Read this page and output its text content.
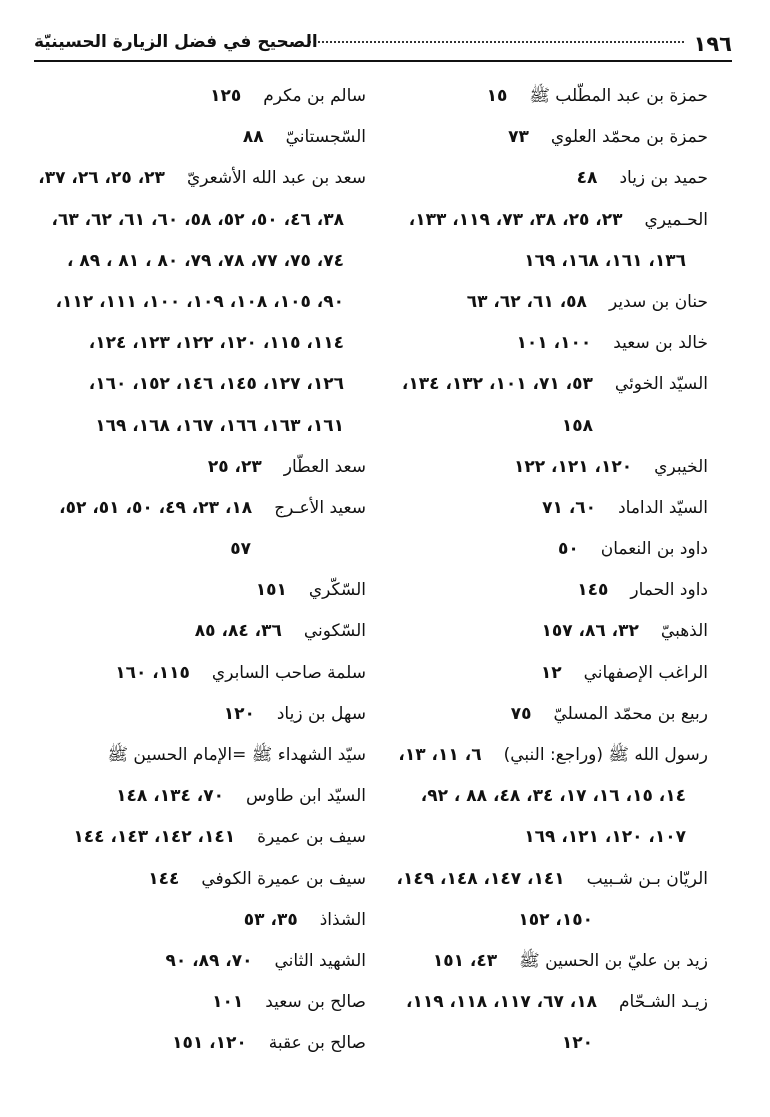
١٩٦
الصحيح في فضل الزيارة الحسينيّة
حمزة بن عبد المطّلب ﷺ١٥
حمزة بن محمّد العلوي٧٣
حميد بن زياد٤٨
الحـميري٢٣، ٢٥، ٣٨، ٧٣، ١١٩، ١٣٣،
١٣٦، ١٦١، ١٦٨، ١٦٩
حنان بن سدير٥٨، ٦١، ٦٢، ٦٣
خالد بن سعيد١٠٠، ١٠١
السيّد الخوئي٥٣، ٧١، ١٠١، ١٣٢، ١٣٤،
١٥٨
الخيبري١٢٠، ١٢١، ١٢٢
السيّد الداماد٦٠، ٧١
داود بن النعمان٥٠
داود الحمار١٤٥
الذهبيّ٣٢، ٨٦، ١٥٧
الراغب الإصفهاني١٢
ربيع بن محمّد المسليّ٧٥
رسول الله ﷺ (وراجع: النبي)٦، ١١، ١٣،
١٤، ١٥، ١٦، ١٧، ٣٤، ٤٨، ٨٨ ، ٩٢،
١٠٧، ١٢٠، ١٢١، ١٦٩
الريّان بـن شـبيب١٤١، ١٤٧، ١٤٨، ١٤٩،
١٥٠، ١٥٢
زيد بن عليّ بن الحسين ﷺ٤٣، ١٥١
زيـد الشـحّام١٨، ٦٧، ١١٧، ١١٨، ١١٩،
١٢٠
سالم بن مكرم١٢٥
السّجستانيّ٨٨
سعد بن عبد الله الأشعريّ٢٣، ٢٥، ٢٦، ٣٧،
٣٨، ٤٦، ٥٠، ٥٢، ٥٨، ٦٠، ٦١، ٦٢، ٦٣،
٧٤، ٧٥، ٧٧، ٧٨، ٧٩، ٨٠ ، ٨١ ، ٨٩ ،
٩٠، ١٠٥، ١٠٨، ١٠٩، ١٠٠، ١١١، ١١٢،
١١٤، ١١٥، ١٢٠، ١٢٢، ١٢٣، ١٢٤،
١٢٦، ١٢٧، ١٤٥، ١٤٦، ١٥٢، ١٦٠،
١٦١، ١٦٣، ١٦٦، ١٦٧، ١٦٨، ١٦٩
سعد العطّار٢٣، ٢٥
سعيد الأعـرج١٨، ٢٣، ٤٩، ٥٠، ٥١، ٥٢،
٥٧
السّكّري١٥١
السّكوني٣٦، ٨٤، ٨٥
سلمة صاحب السابري١١٥، ١٦٠
سهل بن زياد١٢٠
سيّد الشهداء ﷺ =الإمام الحسين ﷺ
السيّد ابن طاوس٧٠، ١٣٤، ١٤٨
سيف بن عميرة١٤١، ١٤٢، ١٤٣، ١٤٤
سيف بن عميرة الكوفي١٤٤
الشذاذ٣٥، ٥٣
الشهيد الثاني٧٠، ٨٩، ٩٠
صالح بن سعيد١٠١
صالح بن عقبة١٢٠، ١٥١
